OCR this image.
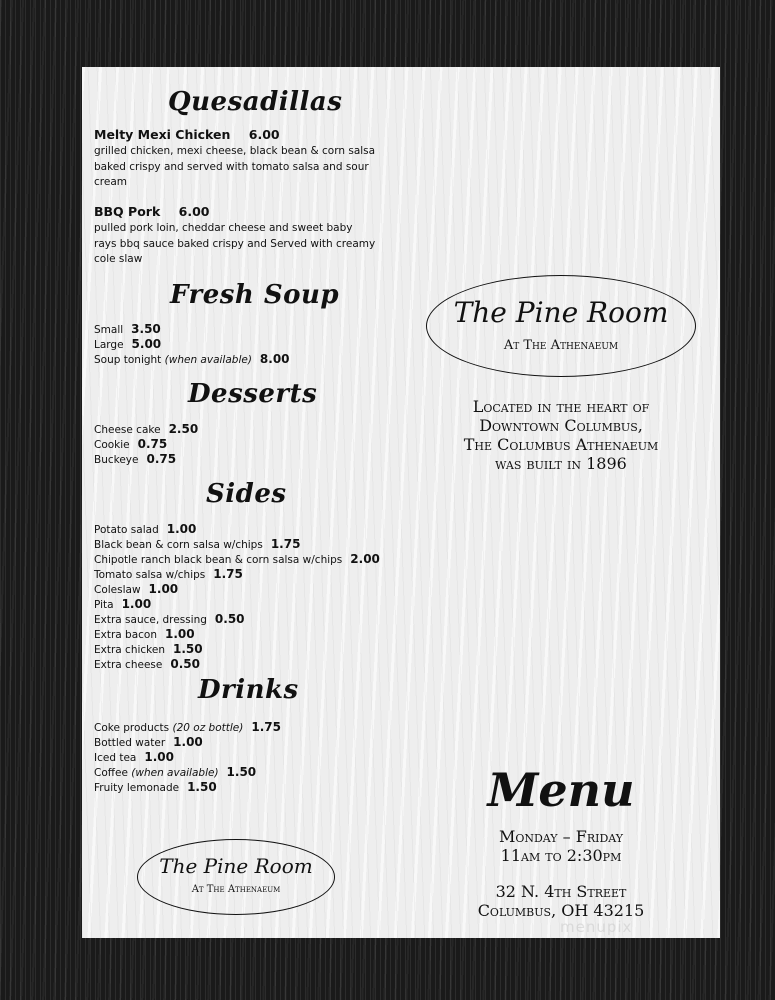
Quesadillas
Melty Mexi Chicken 6.00
grilled chicken, mexi cheese, black bean & corn salsa baked crispy and served with tomato salsa and sour cream
BBQ Pork 6.00
pulled pork loin, cheddar cheese and sweet baby rays bbq sauce baked crispy and Served with creamy cole slaw
Fresh Soup
Small 3.50
Large 5.00
Soup tonight (when available) 8.00
Desserts
Cheese cake 2.50
Cookie 0.75
Buckeye 0.75
Sides
Potato salad 1.00
Black bean & corn salsa w/chips 1.75
Chipotle ranch black bean & corn salsa w/chips 2.00
Tomato salsa w/chips 1.75
Coleslaw 1.00
Pita 1.00
Extra sauce, dressing 0.50
Extra bacon 1.00
Extra chicken 1.50
Extra cheese 0.50
Drinks
Coke products (20 oz bottle) 1.75
Bottled water 1.00
Iced tea 1.00
Coffee (when available) 1.50
Fruity lemonade 1.50
The Pine Room
At The Athenaeum
The Pine Room
At The Athenaeum
Located in the heart of
Downtown Columbus,
The Columbus Athenaeum
was built in 1896
Menu
Monday – Friday
11am to 2:30pm
32 N. 4th Street
Columbus, OH 43215
menupix
